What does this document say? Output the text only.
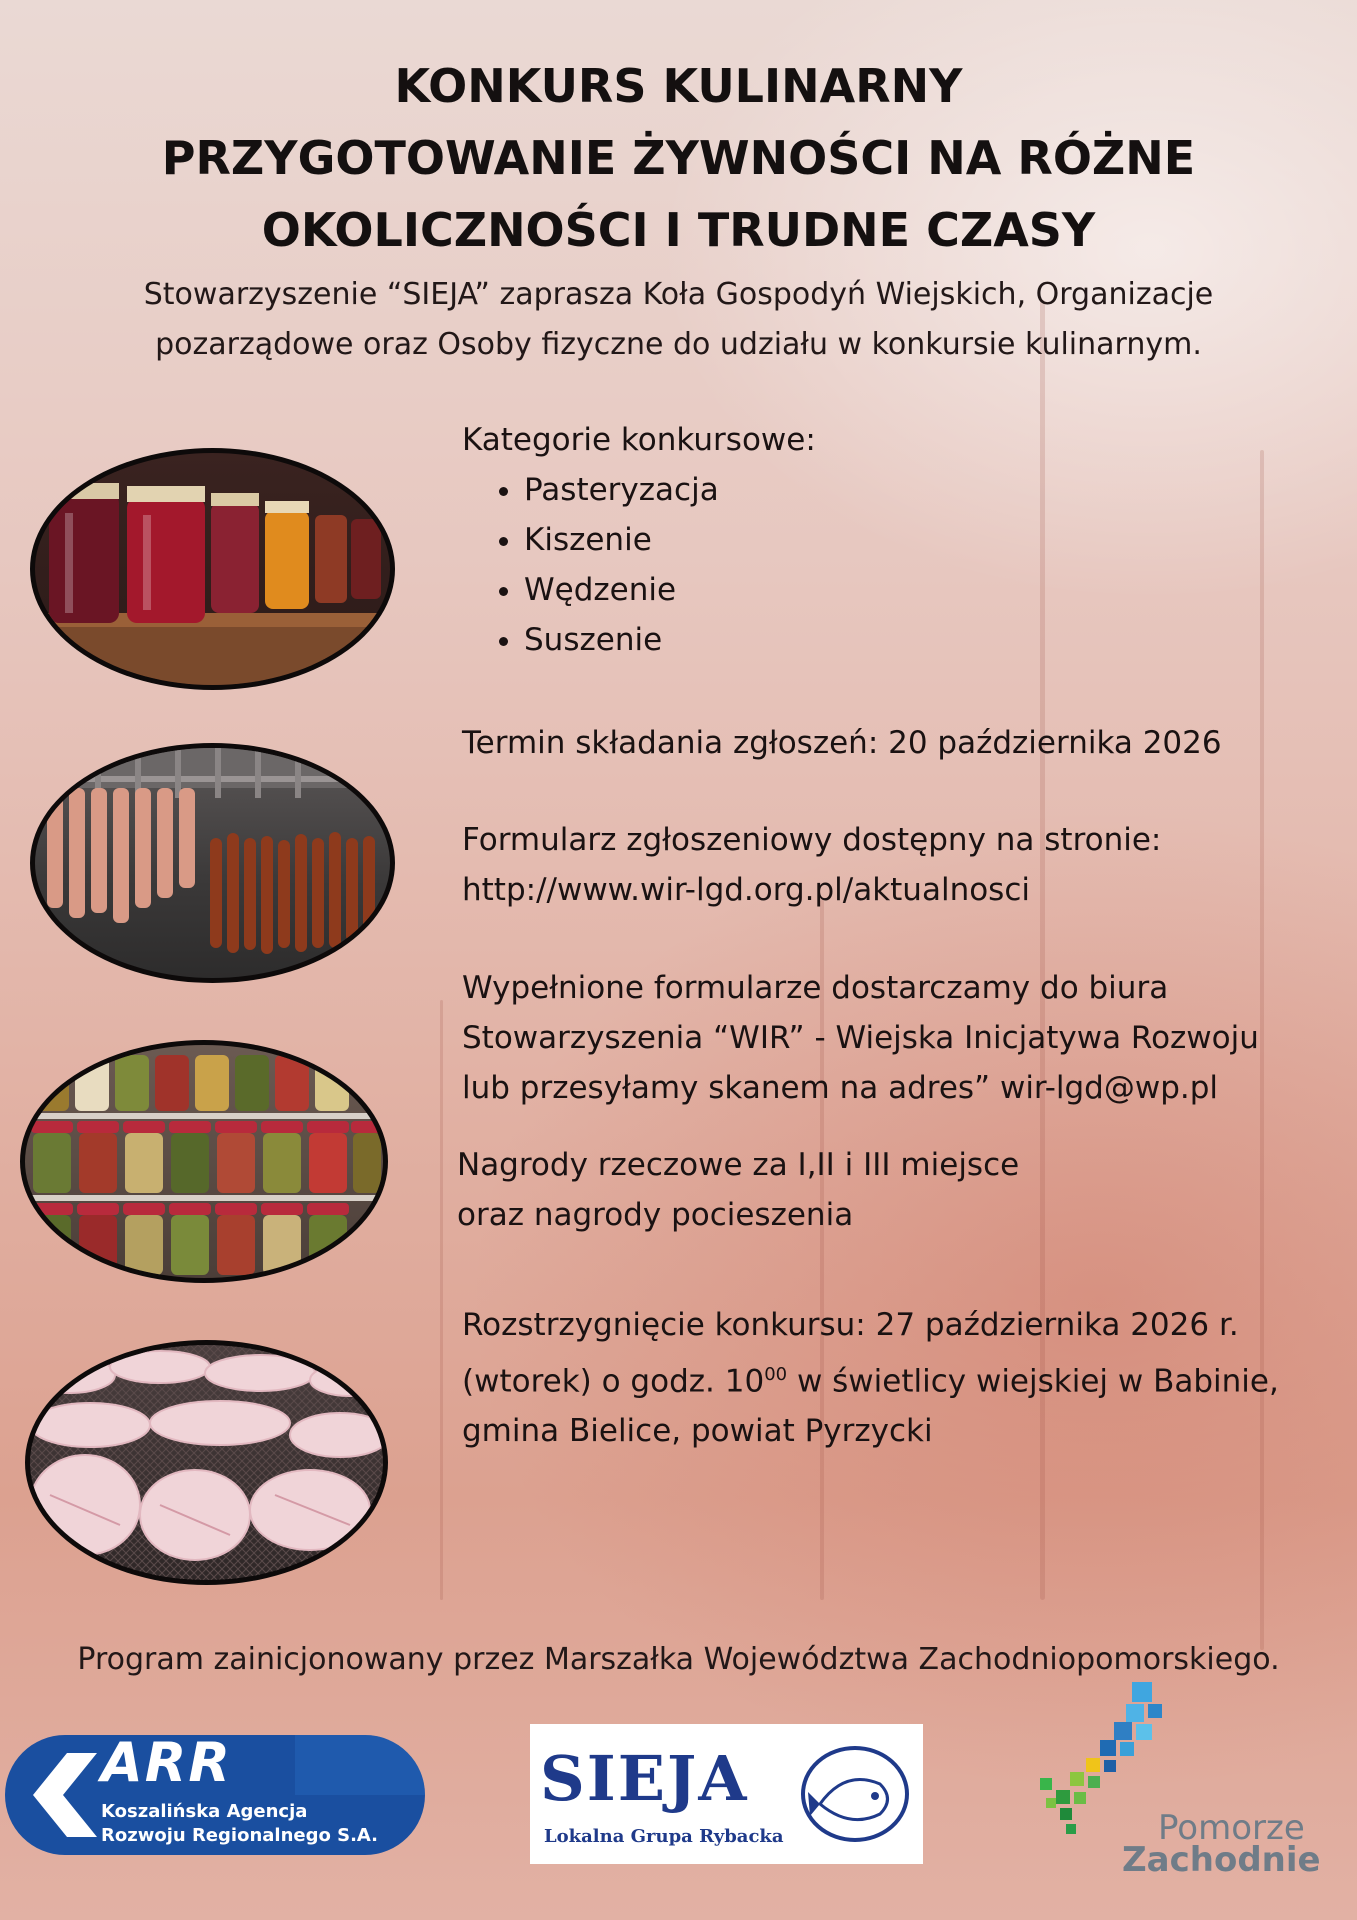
KONKURS KULINARNY
PRZYGOTOWANIE ŻYWNOŚCI NA RÓŻNE
OKOLICZNOŚCI I TRUDNE CZASY
Stowarzyszenie “SIEJA” zaprasza Koła Gospodyń Wiejskich, Organizacje
pozarządowe oraz Osoby fizyczne do udziału w konkursie kulinarnym.

Kategorie konkursowe:

• Pasteryzacja
• Kiszenie
• Wędzenie
• Suszenie

Termin składania zgłoszeń: 20 października 2026

Formularz zgłoszeniowy dostępny na stronie:

http://www.wir-lgd.org.pl/aktualnosci

Wypełnione formularze dostarczamy do biura

Stowarzyszenia “WIR” - Wiejska Inicjatywa Rozwoju

lub przesyłamy skanem na adres” wir-lgd@wp.pl

Nagrody rzeczowe za I,II i III miejsce

oraz nagrody pocieszenia

Rozstrzygnięcie konkursu: 27 października 2026 r.

(wtorek) o godz. $10^{00}$ w świetlicy wiejskiej w Babinie,

gmina Bielice, powiat Pyrzycki

Program zainicjonowany przez Marszałka Województwa Zachodniopomorskiego.
ARR
Koszalińska Agencja
Rozwoju Regionalnego S.A.
SIEJA
Lokalna Grupa Rybacka	Pomorze
Zachodnie
